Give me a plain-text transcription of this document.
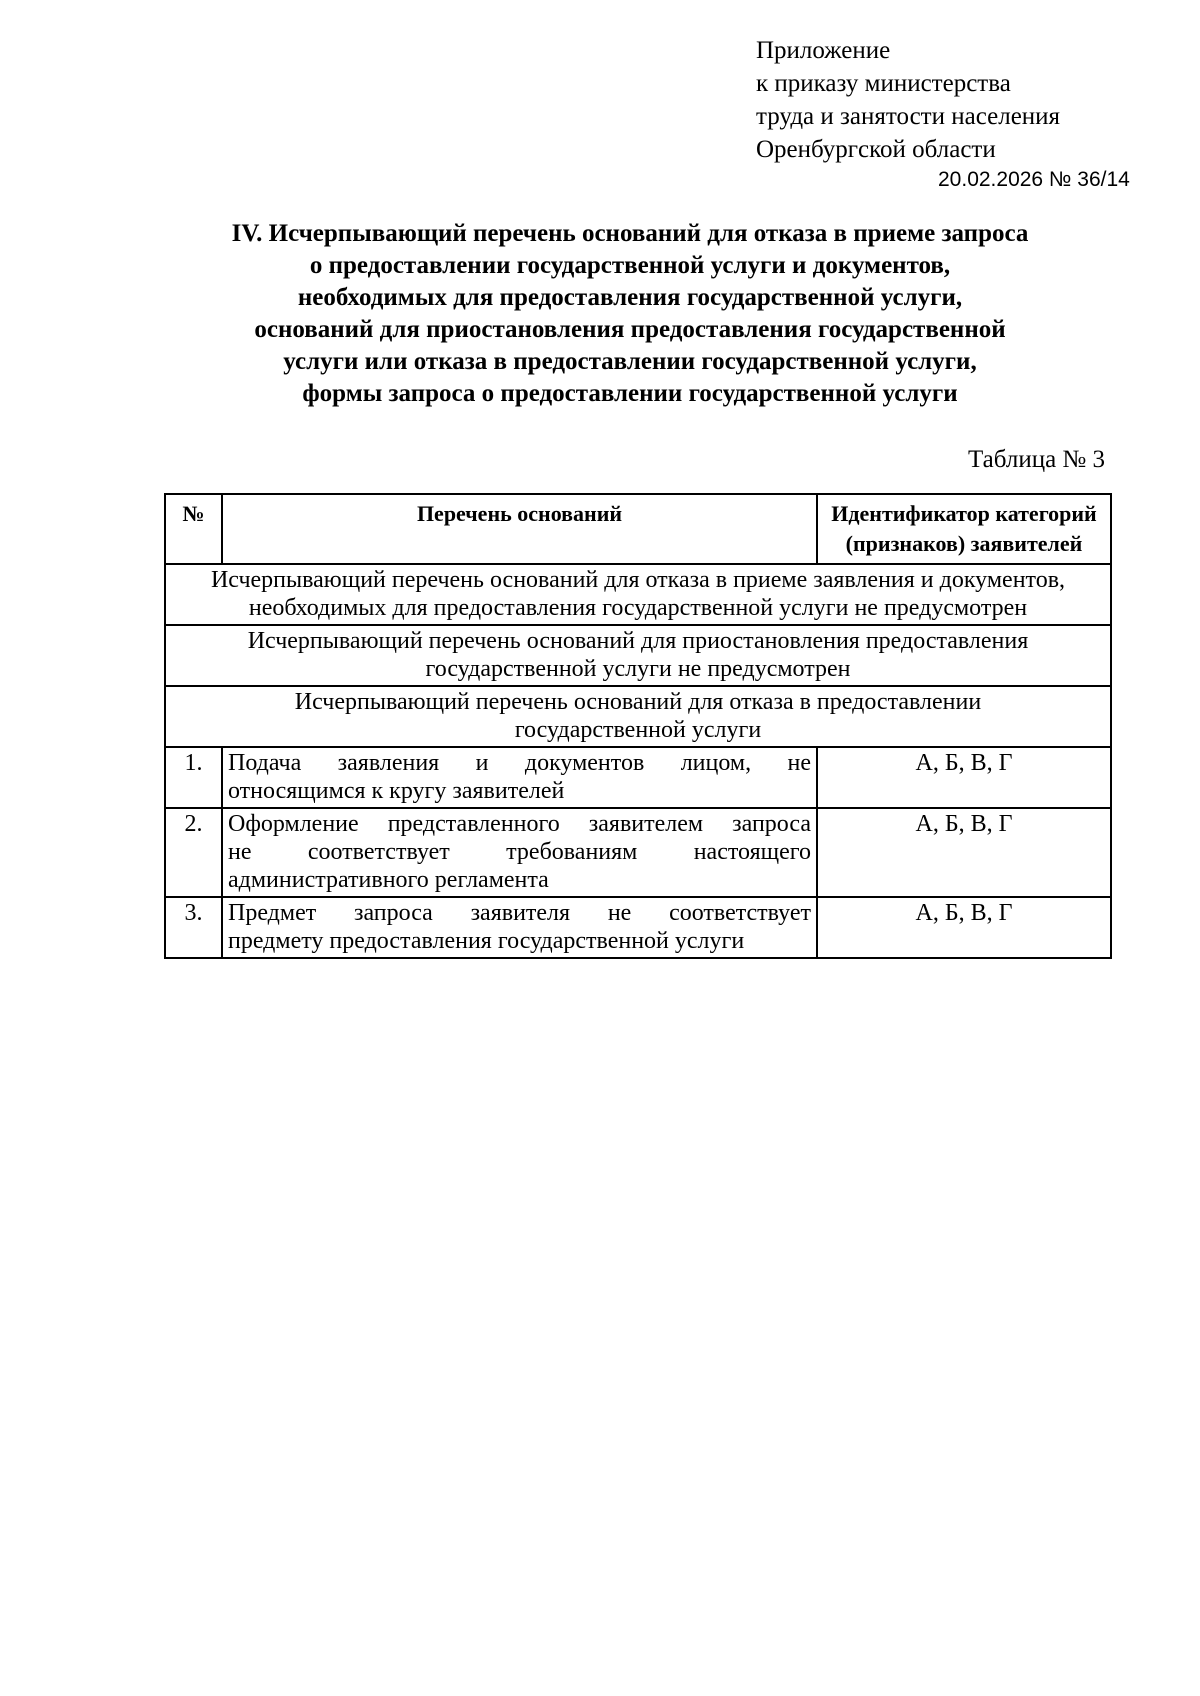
Приложение
к приказу министерства
труда и занятости населения
Оренбургской области
20.02.2026 № 36/14
IV. Исчерпывающий перечень оснований для отказа в приеме запроса
о предоставлении государственной услуги и документов,
необходимых для предоставления государственной услуги,
оснований для приостановления предоставления государственной
услуги или отказа в предоставлении государственной услуги,
формы запроса о предоставлении государственной услуги
Таблица № 3
№	Перечень оснований	Идентификатор категорий (признаков) заявителей

Исчерпывающий перечень оснований для отказа в приеме заявления и документов,
необходимых для предоставления государственной услуги не предусмотрен		

Исчерпывающий перечень оснований для приостановления предоставления
государственной услуги не предусмотрен		

Исчерпывающий перечень оснований для отказа в предоставлении
государственной услуги		

1.	Подача заявления и документов лицом, не
относящимся к кругу заявителей	А, Б, В, Г
2.	Оформление представленного заявителем запроса
не соответствует требованиям настоящего
административного регламента	А, Б, В, Г
3.	Предмет запроса заявителя не соответствует
предмету предоставления государственной услуги	А, Б, В, Г
